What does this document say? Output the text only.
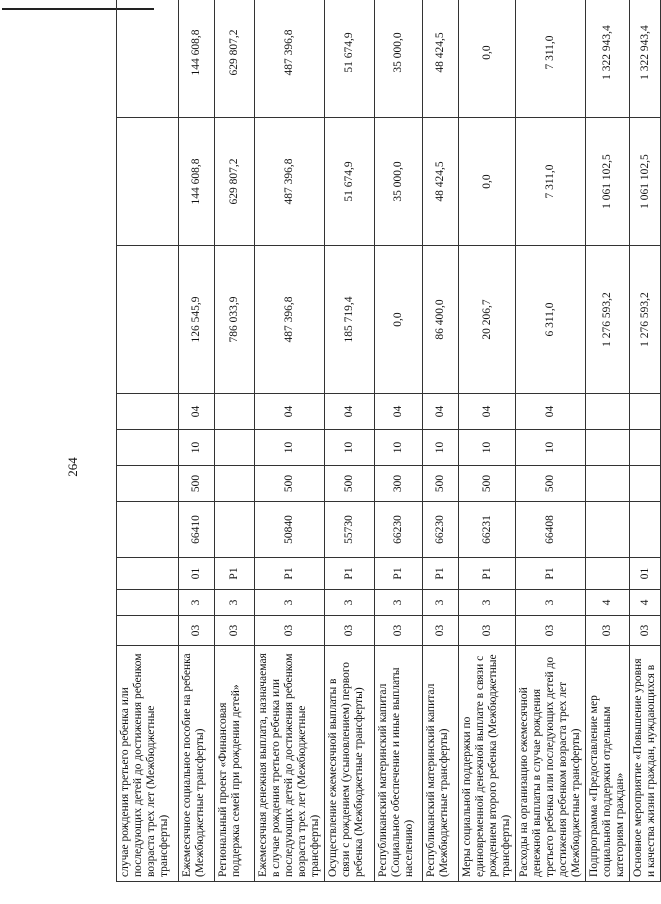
264
случае рождения третьего ребенка или последующих детей до достижения ребенком возраста трех лет (Межбюджетные трансферты)										
Ежемесячное социальное пособие на ребенка (Межбюджетные трансферты)	03	3	01	66410	500	10	04	126 545,9	144 608,8	144 608,8
Региональный проект «Финансовая поддержка семей при рождении детей»	03	3	P1					786 033,9	629 807,2	629 807,2
Ежемесячная денежная выплата, назначаемая в случае рождения третьего ребенка или последующих детей до достижения ребенком возраста трех лет (Межбюджетные трансферты)	03	3	P1	50840	500	10	04	487 396,8	487 396,8	487 396,8
Осуществление ежемесячной выплаты в связи с рождением (усыновлением) первого ребенка (Межбюджетные трансферты)	03	3	P1	55730	500	10	04	185 719,4	51 674,9	51 674,9
Республиканский материнский капитал (Социальное обеспечение и иные выплаты населению)	03	3	P1	66230	300	10	04	0,0	35 000,0	35 000,0
Республиканский материнский капитал (Межбюджетные трансферты)	03	3	P1	66230	500	10	04	86 400,0	48 424,5	48 424,5
Меры социальной поддержки по единовременной денежной выплате в связи с рождением второго ребенка (Межбюджетные трансферты)	03	3	P1	66231	500	10	04	20 206,7	0,0	0,0
Расходы на организацию ежемесячной денежной выплаты в случае рождения третьего ребенка или последующих детей до достижения ребенком возраста трех лет (Межбюджетные трансферты)	03	3	P1	66408	500	10	04	6 311,0	7 311,0	7 311,0
Подпрограмма «Предоставление мер социальной поддержки отдельным категориям граждан»	03	4						1 276 593,2	1 061 102,5	1 322 943,4
Основное мероприятие «Повышение уровня и качества жизни граждан, нуждающихся в	03	4	01					1 276 593,2	1 061 102,5	1 322 943,4
